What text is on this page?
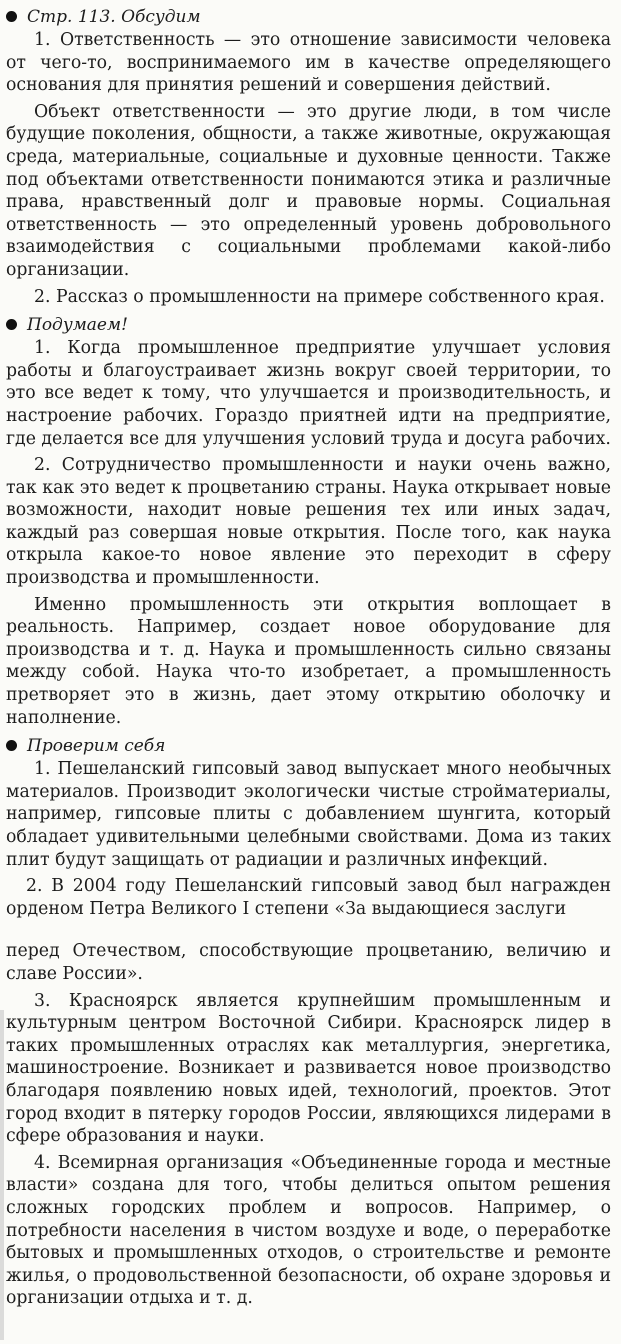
Стр. 113. Обсудим

1. Ответственность — это отношение зависимости человека от чего-то, воспринимаемого им в качестве определяющего основания для принятия решений и совершения действий.

Объект ответственности — это другие люди, в том числе будущие поколения, общности, а также животные, окружающая среда, материальные, социальные и духовные ценности. Также под объектами ответственности понимаются этика и различные права, нравственный долг и правовые нормы. Социальная ответственность — это определенный уровень добровольного взаимодействия с социальными проблемами какой-либо организации.

2. Рассказ о промышленности на примере собственного края.

Подумаем!

1. Когда промышленное предприятие улучшает условия работы и благоустраивает жизнь вокруг своей территории, то это все ведет к тому, что улучшается и производительность, и настроение рабочих. Гораздо приятней идти на предприятие, где делается все для улучшения условий труда и досуга рабочих.

2. Сотрудничество промышленности и науки очень важно, так как это ведет к процветанию страны. Наука открывает новые возможности, находит новые решения тех или иных задач, каждый раз совершая новые открытия. После того, как наука открыла какое-то новое явление это переходит в сферу производства и промышленности.

Именно промышленность эти открытия воплощает в реальность. Например, создает новое оборудование для производства и т. д. Наука и промышленность сильно связаны между собой. Наука что-то изобретает, а промышленность претворяет это в жизнь, дает этому открытию оболочку и наполнение.

Проверим себя

1. Пешеланский гипсовый завод выпускает много необычных материалов. Производит экологически чистые стройматериалы, например, гипсовые плиты с добавлением шунгита, который обладает удивительными целебными свойствами. Дома из таких плит будут защищать от радиации и различных инфекций.

2. В 2004 году Пешеланский гипсовый завод был награжден орденом Петра Великого I степени «За выдающиеся заслуги

перед Отечеством, способствующие процветанию, величию и славе России».

3. Красноярск является крупнейшим промышленным и культурным центром Восточной Сибири. Красноярск лидер в таких промышленных отраслях как металлургия, энергетика, машиностроение. Возникает и развивается новое производство благодаря появлению новых идей, технологий, проектов. Этот город входит в пятерку городов России, являющихся лидерами в сфере образования и науки.

4. Всемирная организация «Объединенные города и местные власти» создана для того, чтобы делиться опытом решения сложных городских проблем и вопросов. Например, о потребности населения в чистом воздухе и воде, о переработке бытовых и промышленных отходов, о строительстве и ремонте жилья, о продовольственной безопасности, об охране здоровья и организации отдыха и т. д.
